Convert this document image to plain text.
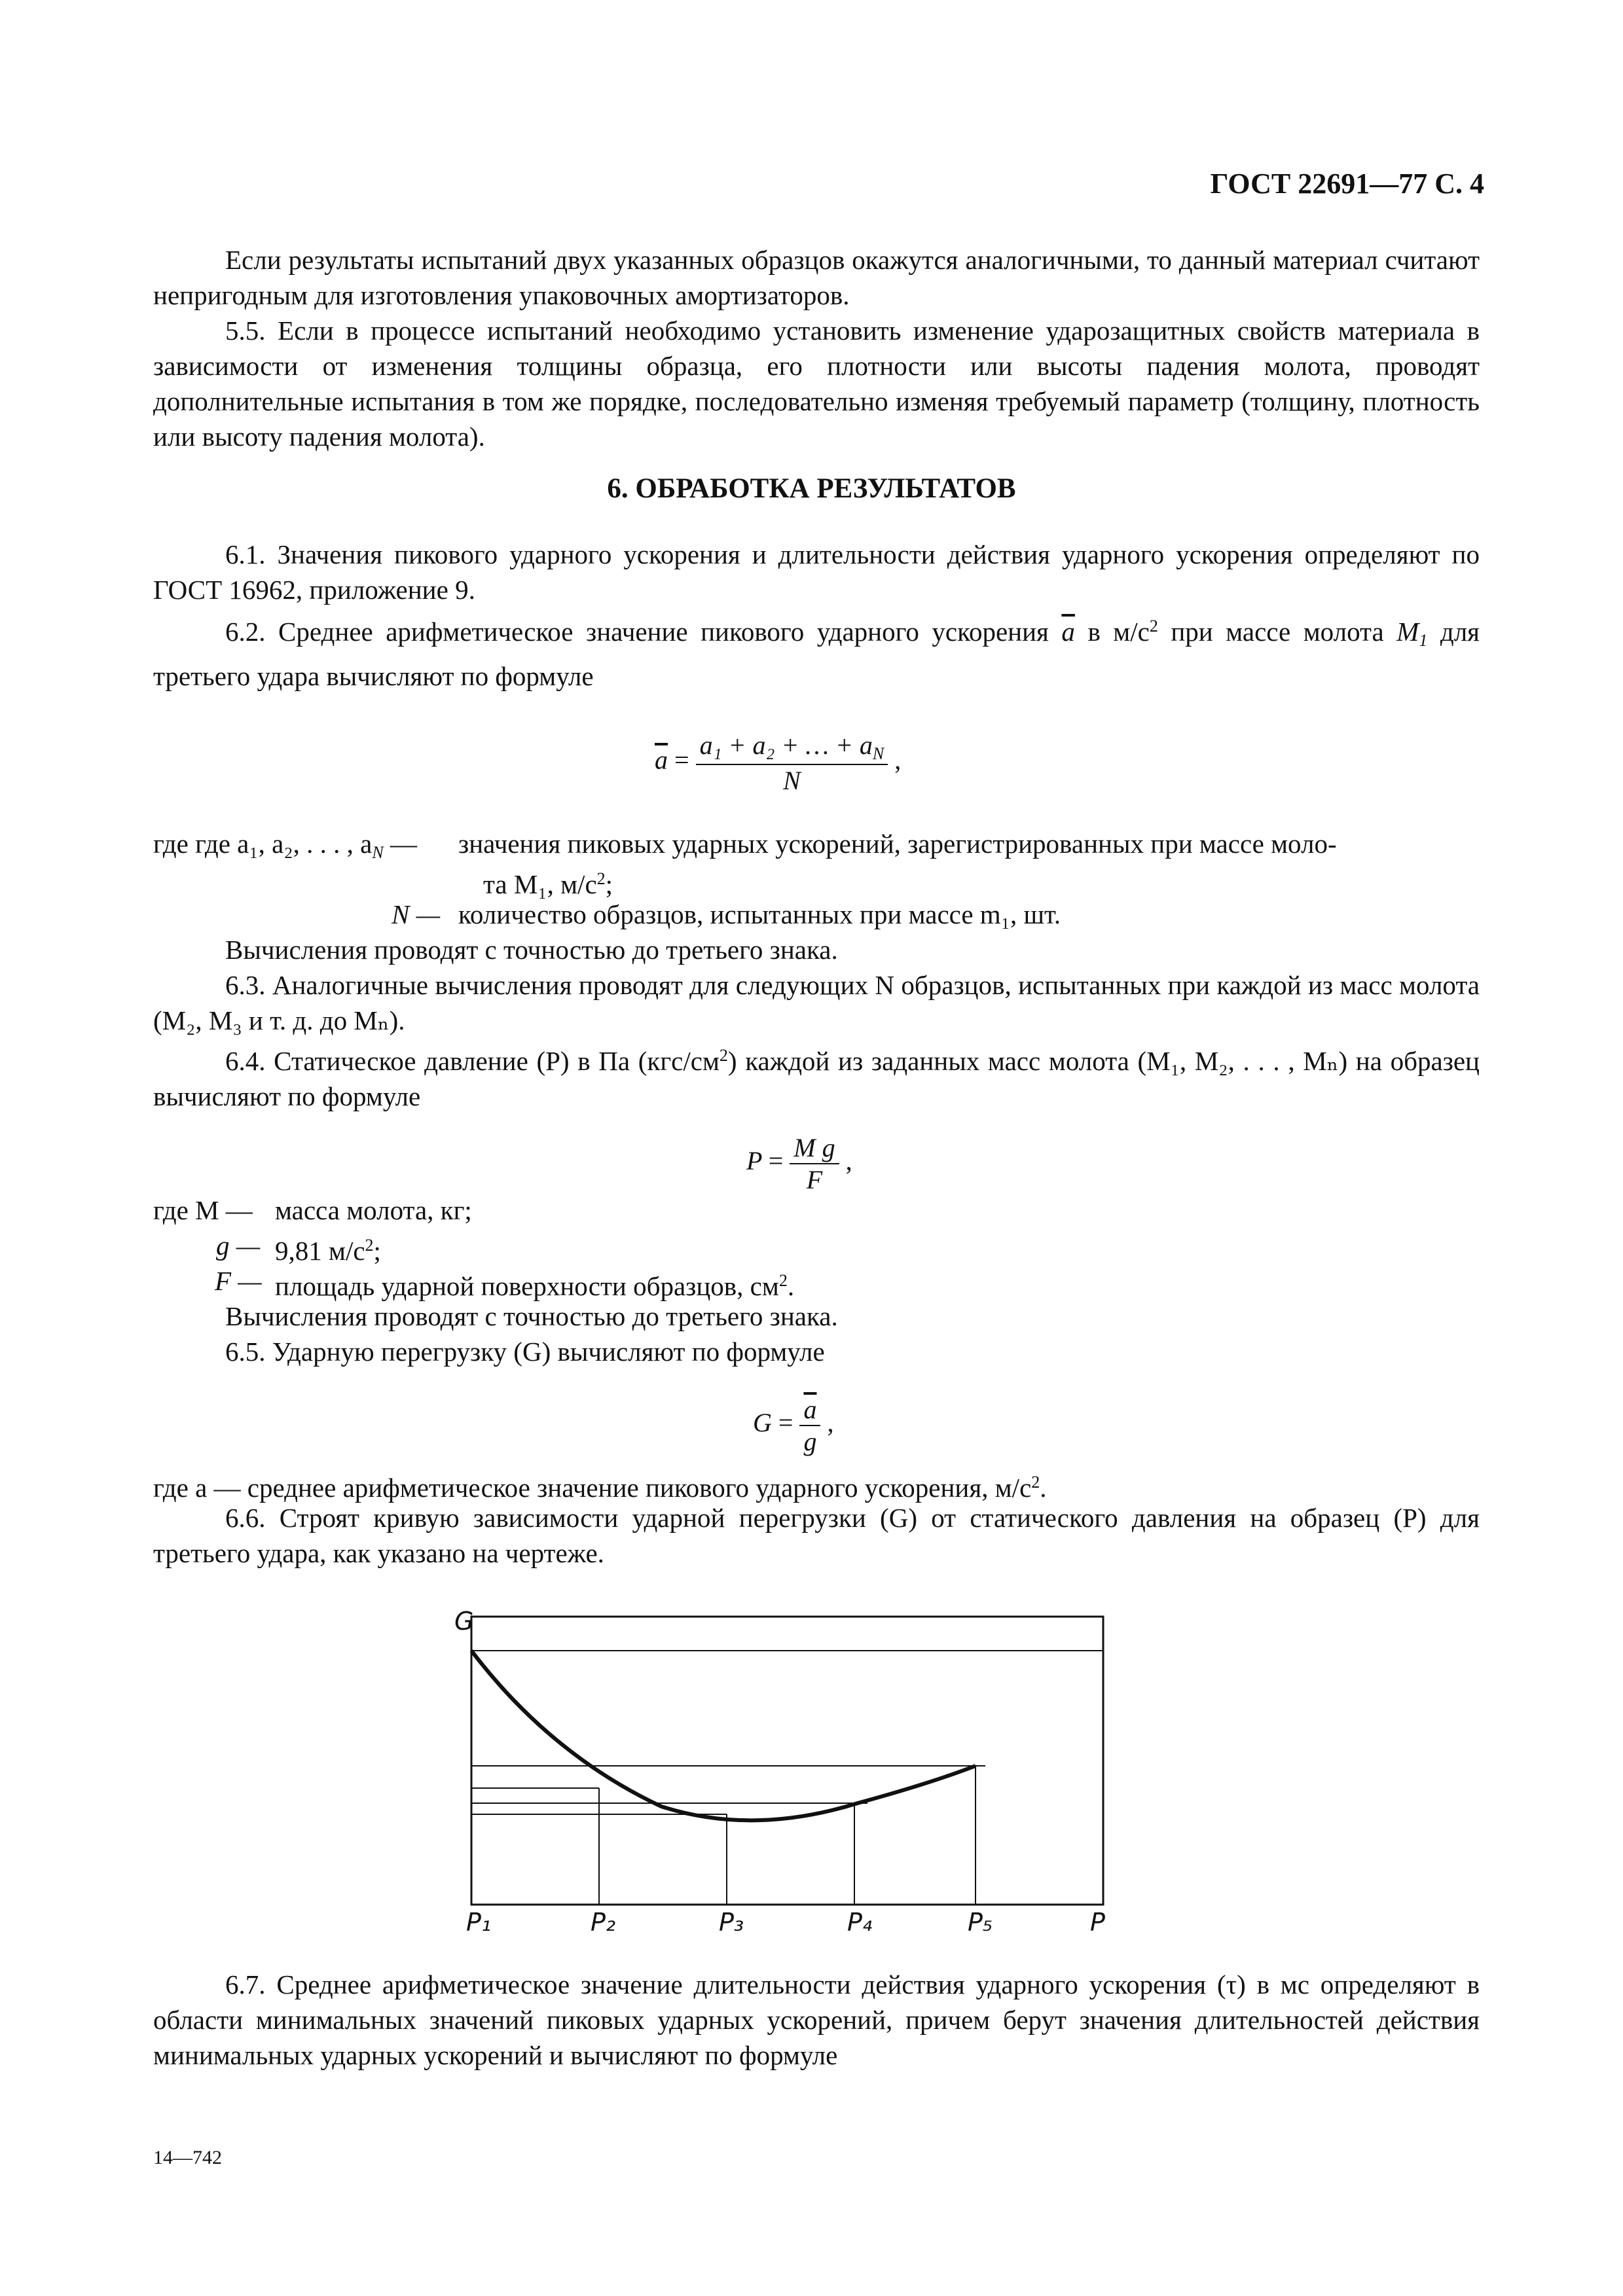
ГОСТ 22691—77 С. 4

Если результаты испытаний двух указанных образцов окажутся аналогичными, то данный материал считают непригодным для изготовления упаковочных амортизаторов.

5.5. Если в процессе испытаний необходимо установить изменение ударозащитных свойств материала в зависимости от изменения толщины образца, его плотности или высоты падения молота, проводят дополнительные испытания в том же порядке, последовательно изменяя требуемый параметр (толщину, плотность или высоту падения молота).

6. ОБРАБОТКА РЕЗУЛЬТАТОВ

6.1. Значения пикового ударного ускорения и длительности действия ударного ускорения определяют по ГОСТ 16962, приложение 9.

6.2. Среднее арифметическое значение пикового ударного ускорения $\overline{a}$ в $м/с^2$ при массе молота $M_1$ для третьего удара вычисляют по формуле

$\overline{a} = \frac{a_1 + a_2 + \dots + a_N}{N}$ ,
где где a₁, a₂, . . . , $a_N$ — значения пиковых ударных ускорений, зарегистрированных при массе моло-
та M₁, $м/с^2$;
N — количество образцов, испытанных при массе m₁, шт.

Вычисления проводят с точностью до третьего знака.

6.3. Аналогичные вычисления проводят для следующих N образцов, испытанных при каждой из масс молота (M₂, M₃ и т. д. до Mₙ).

6.4. Статическое давление (P) в Па $(кгс/см^2)$ каждой из заданных масс молота (M₁, M₂, . . . , Mₙ) на образец вычисляют по формуле

$P = \frac{\text{M g}}{F}$ ,
где M — масса молота, кг;
g — 9,81 $м/с^2$;
F — площадь ударной поверхности образцов, $см^2$.

Вычисления проводят с точностью до третьего знака.

6.5. Ударную перегрузку (G) вычисляют по формуле

$G = \frac{\overline{a}}{g}$ ,

где a — среднее арифметическое значение пикового ударного ускорения, $м/с^2$.

6.6. Строят кривую зависимости ударной перегрузки (G) от статического давления на образец (P) для третьего удара, как указано на чертеже.

G
P₁	P₂	P₃	P₄	P₅	P

6.7. Среднее арифметическое значение длительности действия ударного ускорения (τ) в мс определяют в области минимальных значений пиковых ударных ускорений, причем берут значения длительностей действия минимальных ударных ускорений и вычисляют по формуле

14—742
